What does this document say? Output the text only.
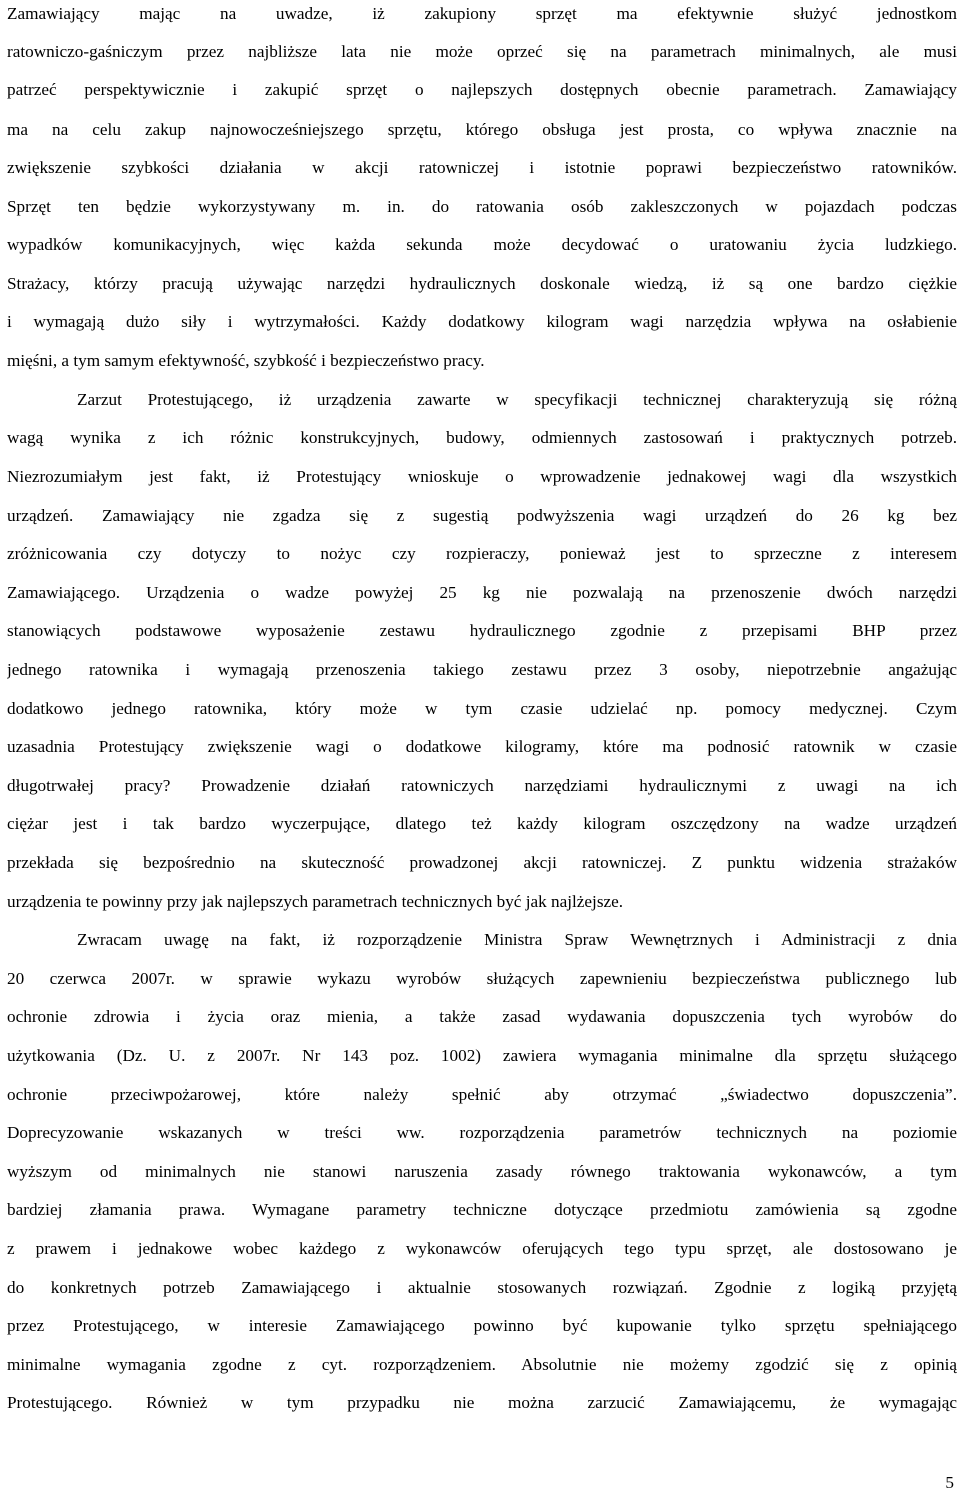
Zamawiający mając na uwadze, iż zakupiony sprzęt ma efektywnie służyć jednostkom
ratowniczo-gaśniczym przez najbliższe lata nie może oprzeć się na parametrach minimalnych, ale musi
patrzeć perspektywicznie i zakupić sprzęt o najlepszych dostępnych obecnie parametrach. Zamawiający
ma na celu zakup najnowocześniejszego sprzętu, którego obsługa jest prosta, co wpływa znacznie na
zwiększenie szybkości działania w akcji ratowniczej i istotnie poprawi bezpieczeństwo ratowników.
Sprzęt ten będzie wykorzystywany m. in. do ratowania osób zakleszczonych w pojazdach podczas
wypadków komunikacyjnych, więc każda sekunda może decydować o uratowaniu życia ludzkiego.
Strażacy, którzy pracują używając narzędzi hydraulicznych doskonale wiedzą, iż są one bardzo ciężkie
i wymagają dużo siły i wytrzymałości. Każdy dodatkowy kilogram wagi narzędzia wpływa na osłabienie
mięśni, a tym samym efektywność, szybkość i bezpieczeństwo pracy.
Zarzut Protestującego, iż urządzenia zawarte w specyfikacji technicznej charakteryzują się różną
wagą wynika z ich różnic konstrukcyjnych, budowy, odmiennych zastosowań i praktycznych potrzeb.
Niezrozumiałym jest fakt, iż Protestujący wnioskuje o wprowadzenie jednakowej wagi dla wszystkich
urządzeń. Zamawiający nie zgadza się z sugestią podwyższenia wagi urządzeń do 26 kg bez
zróżnicowania czy dotyczy to nożyc czy rozpieraczy, ponieważ jest to sprzeczne z interesem
Zamawiającego. Urządzenia o wadze powyżej 25 kg nie pozwalają na przenoszenie dwóch narzędzi
stanowiących podstawowe wyposażenie zestawu hydraulicznego zgodnie z przepisami BHP przez
jednego ratownika i wymagają przenoszenia takiego zestawu przez 3 osoby, niepotrzebnie angażując
dodatkowo jednego ratownika, który może w tym czasie udzielać np. pomocy medycznej. Czym
uzasadnia Protestujący zwiększenie wagi o dodatkowe kilogramy, które ma podnosić ratownik w czasie
długotrwałej pracy? Prowadzenie działań ratowniczych narzędziami hydraulicznymi z uwagi na ich
ciężar jest i tak bardzo wyczerpujące, dlatego też każdy kilogram oszczędzony na wadze urządzeń
przekłada się bezpośrednio na skuteczność prowadzonej akcji ratowniczej. Z punktu widzenia strażaków
urządzenia te powinny przy jak najlepszych parametrach technicznych być jak najlżejsze.
Zwracam uwagę na fakt, iż rozporządzenie Ministra Spraw Wewnętrznych i Administracji z dnia
20 czerwca 2007r. w sprawie wykazu wyrobów służących zapewnieniu bezpieczeństwa publicznego lub
ochronie zdrowia i życia oraz mienia, a także zasad wydawania dopuszczenia tych wyrobów do
użytkowania (Dz. U. z 2007r. Nr 143 poz. 1002) zawiera wymagania minimalne dla sprzętu służącego
ochronie przeciwpożarowej, które należy spełnić aby otrzymać „świadectwo dopuszczenia”.
Doprecyzowanie wskazanych w treści ww. rozporządzenia parametrów technicznych na poziomie
wyższym od minimalnych nie stanowi naruszenia zasady równego traktowania wykonawców, a tym
bardziej złamania prawa. Wymagane parametry techniczne dotyczące przedmiotu zamówienia są zgodne
z prawem i jednakowe wobec każdego z wykonawców oferujących tego typu sprzęt, ale dostosowano je
do konkretnych potrzeb Zamawiającego i aktualnie stosowanych rozwiązań. Zgodnie z logiką przyjętą
przez Protestującego, w interesie Zamawiającego powinno być kupowanie tylko sprzętu spełniającego
minimalne wymagania zgodne z cyt. rozporządzeniem. Absolutnie nie możemy zgodzić się z opinią
Protestującego. Również w tym przypadku nie można zarzucić Zamawiającemu, że wymagając
5
